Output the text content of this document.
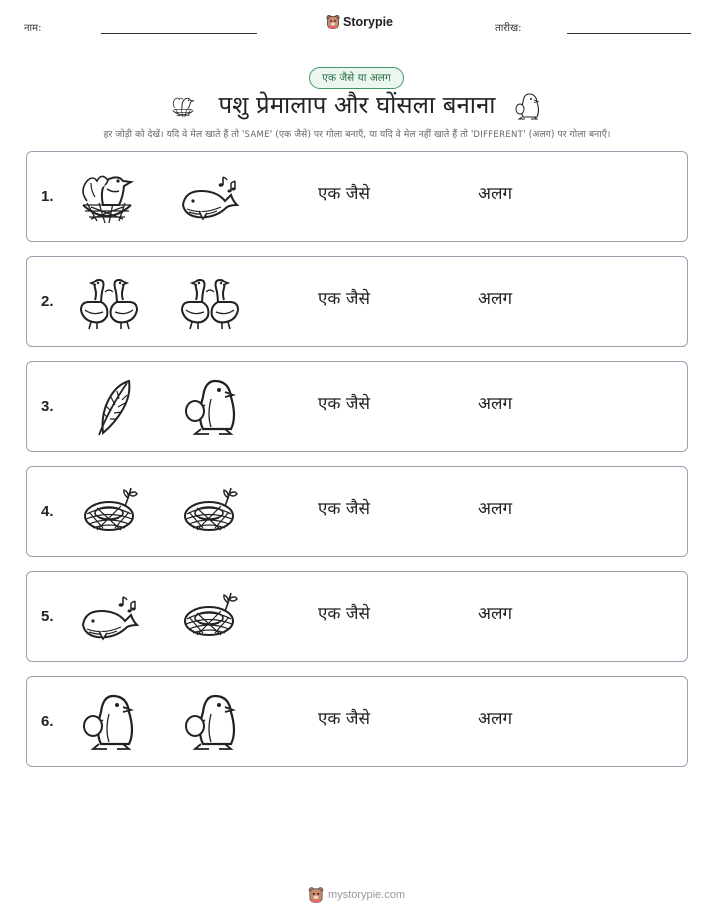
नाम:	Storypie	तारीख:
एक जैसे या अलग
पशु प्रेमालाप और घोंसला बनाना
हर जोड़ी को देखें। यदि वे मेल खाते हैं तो 'SAME' (एक जैसे) पर गोला बनाएँ, या यदि वे मेल नहीं खाते हैं तो 'DIFFERENT' (अलग) पर गोला बनाएँ।
1.	एक जैसे	अलग
2.	एक जैसे	अलग
3.	एक जैसे	अलग
4.	एक जैसे	अलग
5.	एक जैसे	अलग
6.	एक जैसे	अलग
mystorypie.com
